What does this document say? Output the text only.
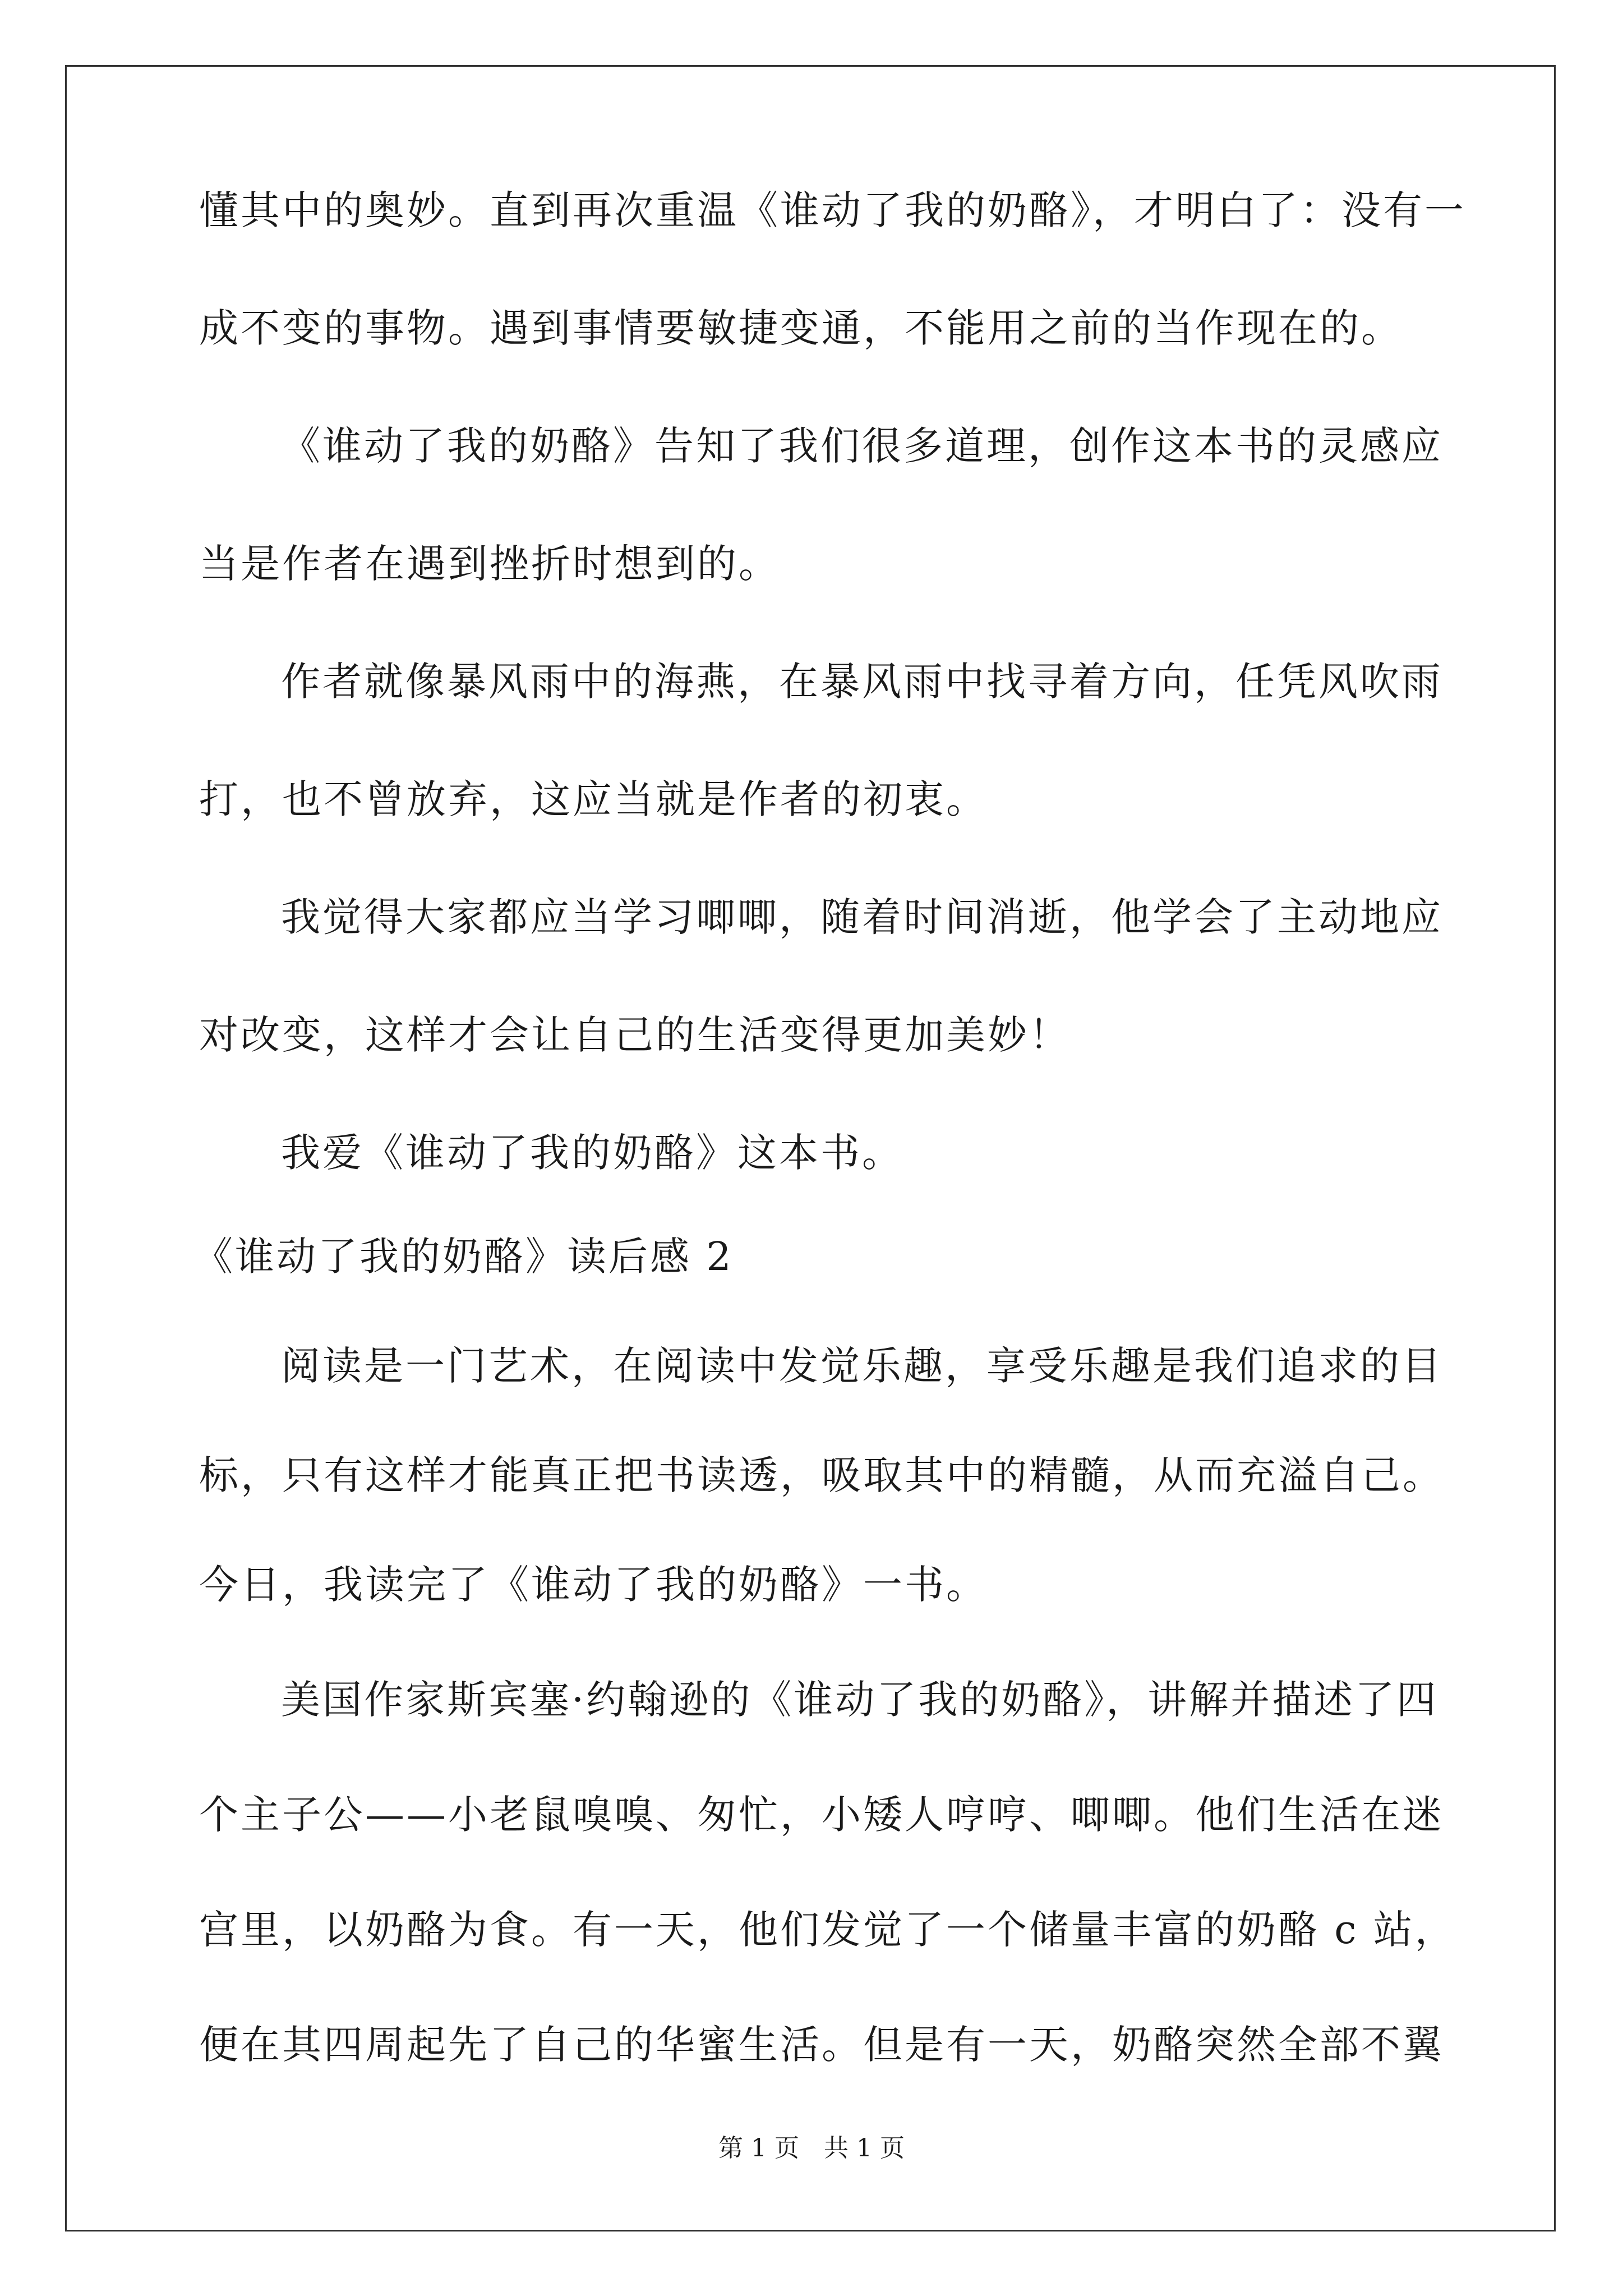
懂其中的奥妙。直到再次重温《谁动了我的奶酪》，才明白了：没有一
成不变的事物。遇到事情要敏捷变通，不能用之前的当作现在的。
《谁动了我的奶酪》告知了我们很多道理，创作这本书的灵感应
当是作者在遇到挫折时想到的。
作者就像暴风雨中的海燕，在暴风雨中找寻着方向，任凭风吹雨
打，也不曾放弃，这应当就是作者的初衷。
我觉得大家都应当学习唧唧，随着时间消逝，他学会了主动地应
对改变，这样才会让自己的生活变得更加美妙！
我爱《谁动了我的奶酪》这本书。
《谁动了我的奶酪》读后感 2
阅读是一门艺术，在阅读中发觉乐趣，享受乐趣是我们追求的目
标，只有这样才能真正把书读透，吸取其中的精髓，从而充溢自己。
今日，我读完了《谁动了我的奶酪》一书。
美国作家斯宾塞·约翰逊的《谁动了我的奶酪》，讲解并描述了四
个主子公——小老鼠嗅嗅、匆忙，小矮人哼哼、唧唧。他们生活在迷
宫里，以奶酪为食。有一天，他们发觉了一个储量丰富的奶酪 c 站，
便在其四周起先了自己的华蜜生活。但是有一天，奶酪突然全部不翼
第 1 页　共 1 页
